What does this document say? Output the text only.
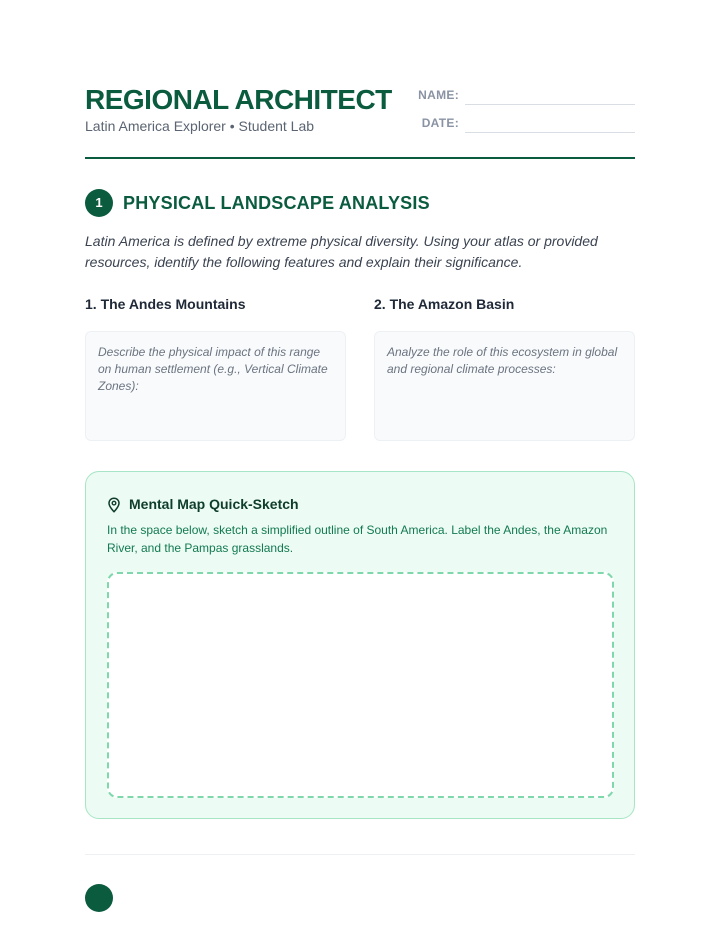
REGIONAL ARCHITECT
Latin America Explorer • Student Lab
NAME:
DATE:
1	PHYSICAL LANDSCAPE ANALYSIS
Latin America is defined by extreme physical diversity. Using your atlas or provided resources, identify the following features and explain their significance.
1. The Andes Mountains
Describe the physical impact of this range on human settlement (e.g., Vertical Climate Zones):
2. The Amazon Basin
Analyze the role of this ecosystem in global and regional climate processes:
Mental Map Quick-Sketch
In the space below, sketch a simplified outline of South America. Label the Andes, the Amazon River, and the Pampas grasslands.
